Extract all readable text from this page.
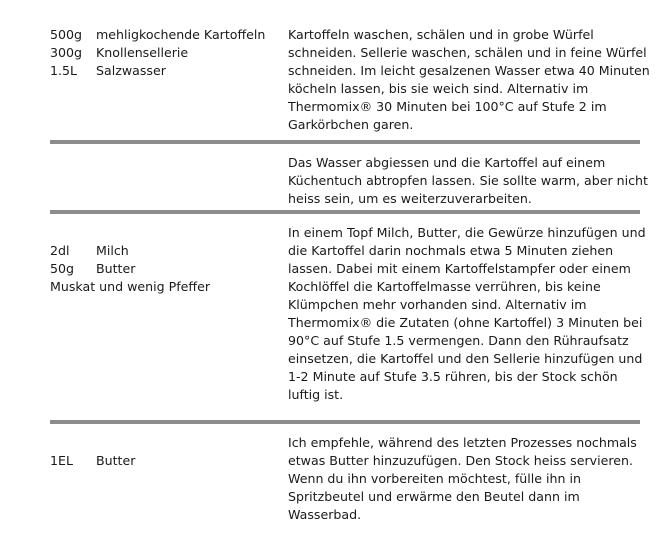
500g	mehligkochende Kartoffeln
300g	Knollensellerie
1.5L	Salzwasser
Kartoffeln waschen, schälen und in grobe Würfel
schneiden. Sellerie waschen, schälen und in feine Würfel
schneiden. Im leicht gesalzenen Wasser etwa 40 Minuten
köcheln lassen, bis sie weich sind. Alternativ im
Thermomix® 30 Minuten bei 100°C auf Stufe 2 im
Garkörbchen garen.
Das Wasser abgiessen und die Kartoffel auf einem
Küchentuch abtropfen lassen. Sie sollte warm, aber nicht
heiss sein, um es weiterzuverarbeiten.
2dl	Milch
50g	Butter
Muskat und wenig Pfeffer
In einem Topf Milch, Butter, die Gewürze hinzufügen und
die Kartoffel darin nochmals etwa 5 Minuten ziehen
lassen. Dabei mit einem Kartoffelstampfer oder einem
Kochlöffel die Kartoffelmasse verrühren, bis keine
Klümpchen mehr vorhanden sind. Alternativ im
Thermomix® die Zutaten (ohne Kartoffel) 3 Minuten bei
90°C auf Stufe 1.5 vermengen. Dann den Rühraufsatz
einsetzen, die Kartoffel und den Sellerie hinzufügen und
1-2 Minute auf Stufe 3.5 rühren, bis der Stock schön
luftig ist.
1EL	Butter
Ich empfehle, während des letzten Prozesses nochmals
etwas Butter hinzuzufügen. Den Stock heiss servieren.
Wenn du ihn vorbereiten möchtest, fülle ihn in
Spritzbeutel und erwärme den Beutel dann im
Wasserbad.
